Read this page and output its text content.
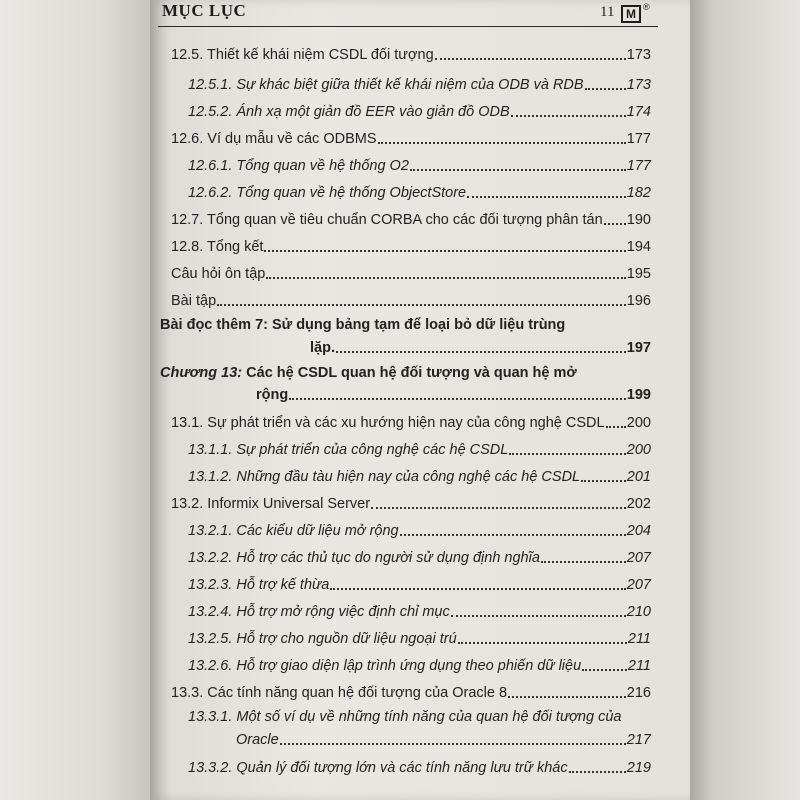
MỤC LỤC	11 M ®
12.5. Thiết kế khái niệm CSDL đối tượng	173
12.5.1. Sự khác biệt giữa thiết kế khái niệm của ODB và RDB	173
12.5.2. Ánh xạ một giản đồ EER vào giản đồ ODB	174
12.6. Ví dụ mẫu về các ODBMS	177
12.6.1. Tổng quan về hệ thống O2	177
12.6.2. Tổng quan về hệ thống ObjectStore	182
12.7. Tổng quan về tiêu chuẩn CORBA cho các đối tượng phân tán 190
12.8. Tổng kết	194
Câu hỏi ôn tập	195
Bài tập	196
Bài đọc thêm 7: Sử dụng bảng tạm để loại bỏ dữ liệu trùng
lặp.	197
Chương 13: Các hệ CSDL quan hệ đối tượng và quan hệ mở
rộng	199
13.1. Sự phát triển và các xu hướng hiện nay của công nghệ CSDL 200
13.1.1. Sự phát triển của công nghệ các hệ CSDL	200
13.1.2. Những đầu tàu hiện nay của công nghệ các hệ CSDL	201
13.2. Informix Universal Server	202
13.2.1. Các kiểu dữ liệu mở rộng	204
13.2.2. Hỗ trợ các thủ tục do người sử dụng định nghĩa	207
13.2.3. Hỗ trợ kế thừa	207
13.2.4. Hỗ trợ mở rộng việc định chỉ mục	210
13.2.5. Hỗ trợ cho nguồn dữ liệu ngoại trú	211
13.2.6. Hỗ trợ giao diện lập trình ứng dụng theo phiến dữ liệu	211
13.3. Các tính năng quan hệ đối tượng của Oracle 8	216
13.3.1. Một số ví dụ về những tính năng của quan hệ đối tượng của
Oracle	217
13.3.2. Quản lý đối tượng lớn và các tính năng lưu trữ khác	219
